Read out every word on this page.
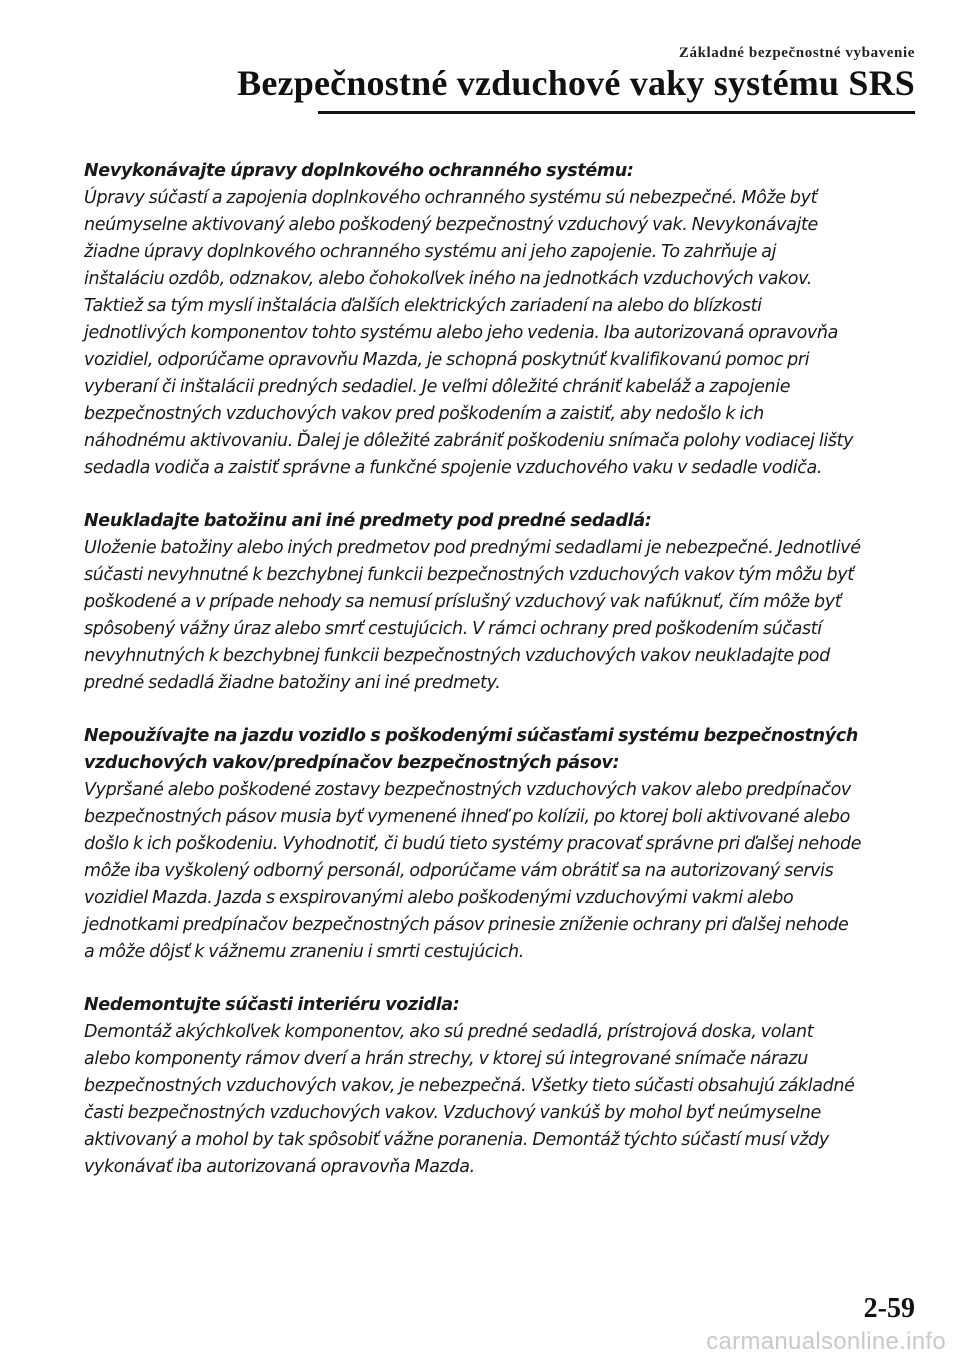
Základné bezpečnostné vybavenie
Bezpečnostné vzduchové vaky systému SRS
Nevykonávajte úpravy doplnkového ochranného systému:
Úpravy súčastí a zapojenia doplnkového ochranného systému sú nebezpečné. Môže byť
neúmyselne aktivovaný alebo poškodený bezpečnostný vzduchový vak. Nevykonávajte
žiadne úpravy doplnkového ochranného systému ani jeho zapojenie. To zahrňuje aj
inštaláciu ozdôb, odznakov, alebo čohokoľvek iného na jednotkách vzduchových vakov.
Taktiež sa tým myslí inštalácia ďalších elektrických zariadení na alebo do blízkosti
jednotlivých komponentov tohto systému alebo jeho vedenia. Iba autorizovaná opravovňa
vozidiel, odporúčame opravovňu Mazda, je schopná poskytnúť kvalifikovanú pomoc pri
vyberaní či inštalácii predných sedadiel. Je veľmi dôležité chrániť kabeláž a zapojenie
bezpečnostných vzduchových vakov pred poškodením a zaistiť, aby nedošlo k ich
náhodnému aktivovaniu. Ďalej je dôležité zabrániť poškodeniu snímača polohy vodiacej lišty
sedadla vodiča a zaistiť správne a funkčné spojenie vzduchového vaku v sedadle vodiča.
Neukladajte batožinu ani iné predmety pod predné sedadlá:
Uloženie batožiny alebo iných predmetov pod prednými sedadlami je nebezpečné. Jednotlivé
súčasti nevyhnutné k bezchybnej funkcii bezpečnostných vzduchových vakov tým môžu byť
poškodené a v prípade nehody sa nemusí príslušný vzduchový vak nafúknuť, čím môže byť
spôsobený vážny úraz alebo smrť cestujúcich. V rámci ochrany pred poškodením súčastí
nevyhnutných k bezchybnej funkcii bezpečnostných vzduchových vakov neukladajte pod
predné sedadlá žiadne batožiny ani iné predmety.
Nepoužívajte na jazdu vozidlo s poškodenými súčasťami systému bezpečnostných
vzduchových vakov/predpínačov bezpečnostných pásov:
Vypršané alebo poškodené zostavy bezpečnostných vzduchových vakov alebo predpínačov
bezpečnostných pásov musia byť vymenené ihneď po kolízii, po ktorej boli aktivované alebo
došlo k ich poškodeniu. Vyhodnotiť, či budú tieto systémy pracovať správne pri ďalšej nehode
môže iba vyškolený odborný personál, odporúčame vám obrátiť sa na autorizovaný servis
vozidiel Mazda. Jazda s exspirovanými alebo poškodenými vzduchovými vakmi alebo
jednotkami predpínačov bezpečnostných pásov prinesie zníženie ochrany pri ďalšej nehode
a môže dôjsť k vážnemu zraneniu i smrti cestujúcich.
Nedemontujte súčasti interiéru vozidla:
Demontáž akýchkoľvek komponentov, ako sú predné sedadlá, prístrojová doska, volant
alebo komponenty rámov dverí a hrán strechy, v ktorej sú integrované snímače nárazu
bezpečnostných vzduchových vakov, je nebezpečná. Všetky tieto súčasti obsahujú základné
časti bezpečnostných vzduchových vakov. Vzduchový vankúš by mohol byť neúmyselne
aktivovaný a mohol by tak spôsobiť vážne poranenia. Demontáž týchto súčastí musí vždy
vykonávať iba autorizovaná opravovňa Mazda.
2-59
carmanualsonline.info
